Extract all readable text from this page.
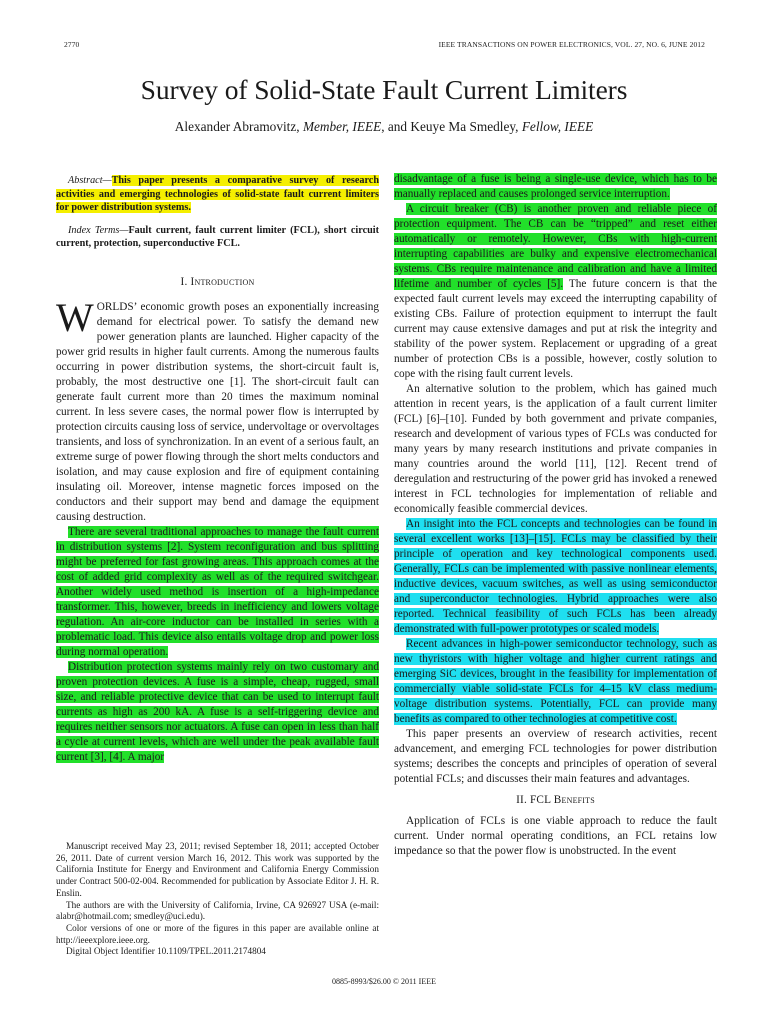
2770	IEEE TRANSACTIONS ON POWER ELECTRONICS, VOL. 27, NO. 6, JUNE 2012
Survey of Solid-State Fault Current Limiters
Alexander Abramovitz, Member, IEEE, and Keuye Ma Smedley, Fellow, IEEE

Abstract—This paper presents a comparative survey of research activities and emerging technologies of solid-state fault current limiters for power distribution systems.

Index Terms—Fault current, fault current limiter (FCL), short circuit current, protection, superconductive FCL.

I. Introduction

WORLDS’ economic growth poses an exponentially increasing demand for electrical power. To satisfy the demand new power generation plants are launched. Higher capacity of the power grid results in higher fault currents. Among the numerous faults occurring in power distribution systems, the short-circuit fault is, probably, the most destructive one [1]. The short-circuit fault can generate fault current more than 20 times the maximum nominal current. In less severe cases, the normal power flow is interrupted by protection circuits causing loss of service, undervoltage or overvoltages transients, and loss of synchronization. In an event of a serious fault, an extreme surge of power flowing through the short melts conductors and isolation, and may cause explosion and fire of equipment containing insulating oil. Moreover, intense magnetic forces imposed on the conductors and their support may bend and damage the equipment causing destruction.

There are several traditional approaches to manage the fault current in distribution systems [2]. System reconfiguration and bus splitting might be preferred for fast growing areas. This approach comes at the cost of added grid complexity as well as of the required switchgear. Another widely used method is insertion of a high-impedance transformer. This, however, breeds in inefficiency and lowers voltage regulation. An air-core inductor can be installed in series with a problematic load. This device also entails voltage drop and power loss during normal operation.

Distribution protection systems mainly rely on two customary and proven protection devices. A fuse is a simple, cheap, rugged, small size, and reliable protective device that can be used to interrupt fault currents as high as 200 kA. A fuse is a self-triggering device and requires neither sensors nor actuators. A fuse can open in less than half a cycle at current levels, which are well under the peak available fault current [3], [4]. A major

Manuscript received May 23, 2011; revised September 18, 2011; accepted October 26, 2011. Date of current version March 16, 2012. This work was supported by the California Institute for Energy and Environment and California Energy Commission under Contract 500-02-004. Recommended for publication by Associate Editor J. H. R. Enslin.

The authors are with the University of California, Irvine, CA 926927 USA (e-mail: alabr@hotmail.com; smedley@uci.edu).

Color versions of one or more of the figures in this paper are available online at http://ieeexplore.ieee.org.

Digital Object Identifier 10.1109/TPEL.2011.2174804

disadvantage of a fuse is being a single-use device, which has to be manually replaced and causes prolonged service interruption.

A circuit breaker (CB) is another proven and reliable piece of protection equipment. The CB can be “tripped” and reset either automatically or remotely. However, CBs with high-current interrupting capabilities are bulky and expensive electromechanical systems. CBs require maintenance and calibration and have a limited lifetime and number of cycles [5]. The future concern is that the expected fault current levels may exceed the interrupting capability of existing CBs. Failure of protection equipment to interrupt the fault current may cause extensive damages and put at risk the integrity and stability of the power system. Replacement or upgrading of a great number of protection CBs is a possible, however, costly solution to cope with the rising fault current levels.

An alternative solution to the problem, which has gained much attention in recent years, is the application of a fault current limiter (FCL) [6]–[10]. Funded by both government and private companies, research and development of various types of FCLs was conducted for many years by many research institutions and private companies in many countries around the world [11], [12]. Recent trend of deregulation and restructuring of the power grid has invoked a renewed interest in FCL technologies for implementation of reliable and economically feasible commercial devices.

An insight into the FCL concepts and technologies can be found in several excellent works [13]–[15]. FCLs may be classified by their principle of operation and key technological components used. Generally, FCLs can be implemented with passive nonlinear elements, inductive devices, vacuum switches, as well as using semiconductor and superconductor technologies. Hybrid approaches were also reported. Technical feasibility of such FCLs has been already demonstrated with full-power prototypes or scaled models.

Recent advances in high-power semiconductor technology, such as new thyristors with higher voltage and higher current ratings and emerging SiC devices, brought in the feasibility for implementation of commercially viable solid-state FCLs for 4–15 kV class medium-voltage distribution systems. Potentially, FCL can provide many benefits as compared to other technologies at competitive cost.

This paper presents an overview of research activities, recent advancement, and emerging FCL technologies for power distribution systems; describes the concepts and principles of operation of several potential FCLs; and discusses their main features and advantages.

II. FCL Benefits

Application of FCLs is one viable approach to reduce the fault current. Under normal operating conditions, an FCL retains low impedance so that the power flow is unobstructed. In the event

0885-8993/$26.00 © 2011 IEEE
